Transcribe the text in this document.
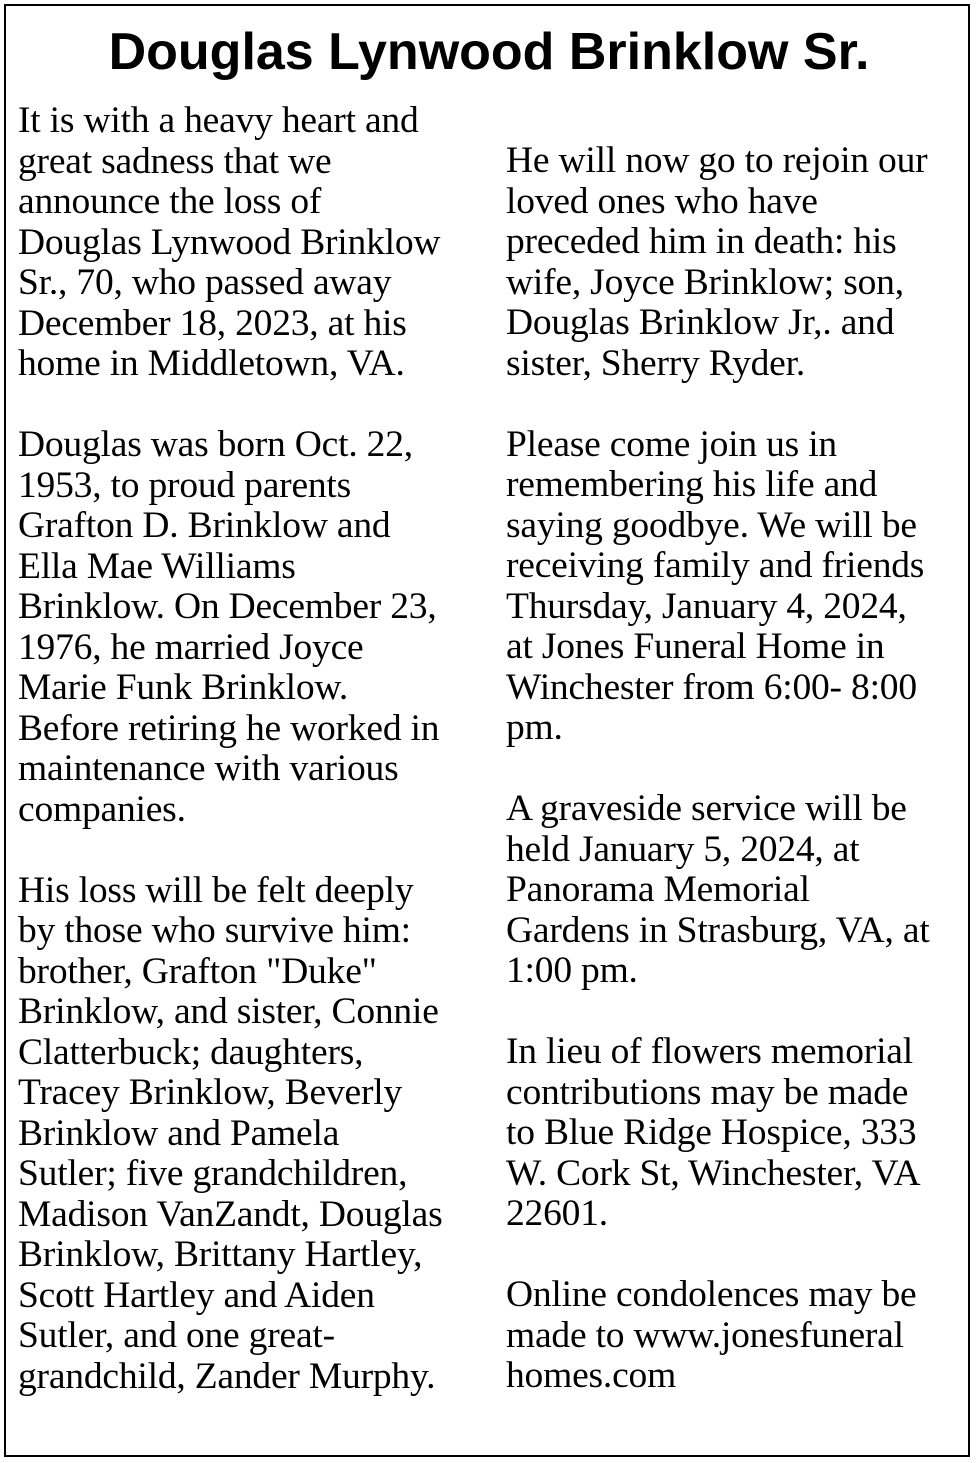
Douglas Lynwood Brinklow Sr.
It is with a heavy heart and
great sadness that we
announce the loss of
Douglas Lynwood Brinklow
Sr., 70, who passed away
December 18, 2023, at his
home in Middletown, VA.
Douglas was born Oct. 22,
1953, to proud parents
Grafton D. Brinklow and
Ella Mae Williams
Brinklow. On December 23,
1976, he married Joyce
Marie Funk Brinklow.
Before retiring he worked in
maintenance with various
companies.
His loss will be felt deeply
by those who survive him:
brother, Grafton "Duke"
Brinklow, and sister, Connie
Clatterbuck; daughters,
Tracey Brinklow, Beverly
Brinklow and Pamela
Sutler; five grandchildren,
Madison VanZandt, Douglas
Brinklow, Brittany Hartley,
Scott Hartley and Aiden
Sutler, and one great-
grandchild, Zander Murphy.
He will now go to rejoin our
loved ones who have
preceded him in death: his
wife, Joyce Brinklow; son,
Douglas Brinklow Jr,. and
sister, Sherry Ryder.
Please come join us in
remembering his life and
saying goodbye. We will be
receiving family and friends
Thursday, January 4, 2024,
at Jones Funeral Home in
Winchester from 6:00- 8:00
pm.
A graveside service will be
held January 5, 2024, at
Panorama Memorial
Gardens in Strasburg, VA, at
1:00 pm.
In lieu of flowers memorial
contributions may be made
to Blue Ridge Hospice, 333
W. Cork St, Winchester, VA
22601.
Online condolences may be
made to www.jonesfuneral
homes.com
